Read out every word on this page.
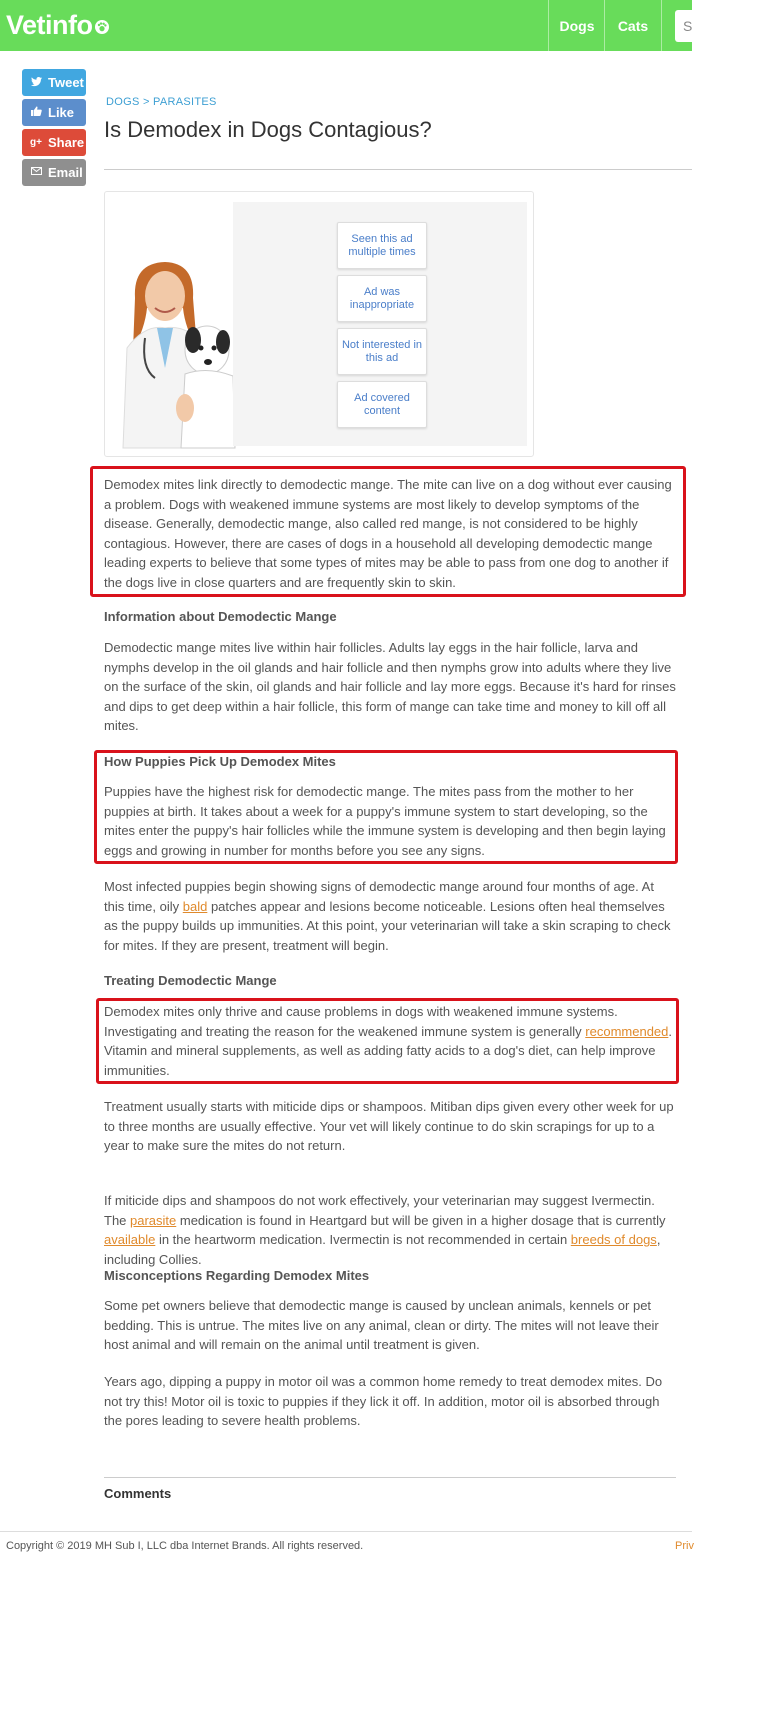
Vetinfo	Dogs	Cats	S
Tweet
Like
g+ Share
Email
DOGS > PARASITES
Is Demodex in Dogs Contagious?
Seen this ad multiple times
Ad was inappropriate
Not interested in this ad
Ad covered content

Demodex mites link directly to demodectic mange. The mite can live on a dog without ever causing a problem. Dogs with weakened immune systems are most likely to develop symptoms of the disease. Generally, demodectic mange, also called red mange, is not considered to be highly contagious. However, there are cases of dogs in a household all developing demodectic mange leading experts to believe that some types of mites may be able to pass from one dog to another if the dogs live in close quarters and are frequently skin to skin.

Information about Demodectic Mange

Demodectic mange mites live within hair follicles. Adults lay eggs in the hair follicle, larva and nymphs develop in the oil glands and hair follicle and then nymphs grow into adults where they live on the surface of the skin, oil glands and hair follicle and lay more eggs. Because it's hard for rinses and dips to get deep within a hair follicle, this form of mange can take time and money to kill off all mites.

How Puppies Pick Up Demodex Mites

Puppies have the highest risk for demodectic mange. The mites pass from the mother to her puppies at birth. It takes about a week for a puppy's immune system to start developing, so the mites enter the puppy's hair follicles while the immune system is developing and then begin laying eggs and growing in number for months before you see any signs.

Most infected puppies begin showing signs of demodectic mange around four months of age. At this time, oily bald patches appear and lesions become noticeable. Lesions often heal themselves as the puppy builds up immunities. At this point, your veterinarian will take a skin scraping to check for mites. If they are present, treatment will begin.

Treating Demodectic Mange

Demodex mites only thrive and cause problems in dogs with weakened immune systems. Investigating and treating the reason for the weakened immune system is generally recommended. Vitamin and mineral supplements, as well as adding fatty acids to a dog's diet, can help improve immunities.

Treatment usually starts with miticide dips or shampoos. Mitiban dips given every other week for up to three months are usually effective. Your vet will likely continue to do skin scrapings for up to a year to make sure the mites do not return.

If miticide dips and shampoos do not work effectively, your veterinarian may suggest Ivermectin. The parasite medication is found in Heartgard but will be given in a higher dosage that is currently available in the heartworm medication. Ivermectin is not recommended in certain breeds of dogs, including Collies.

Misconceptions Regarding Demodex Mites

Some pet owners believe that demodectic mange is caused by unclean animals, kennels or pet bedding. This is untrue. The mites live on any animal, clean or dirty. The mites will not leave their host animal and will remain on the animal until treatment is given.

Years ago, dipping a puppy in motor oil was a common home remedy to treat demodex mites. Do not try this! Motor oil is toxic to puppies if they lick it off. In addition, motor oil is absorbed through the pores leading to severe health problems.

Comments
Copyright © 2019 MH Sub I, LLC dba Internet Brands. All rights reserved.	Priv
